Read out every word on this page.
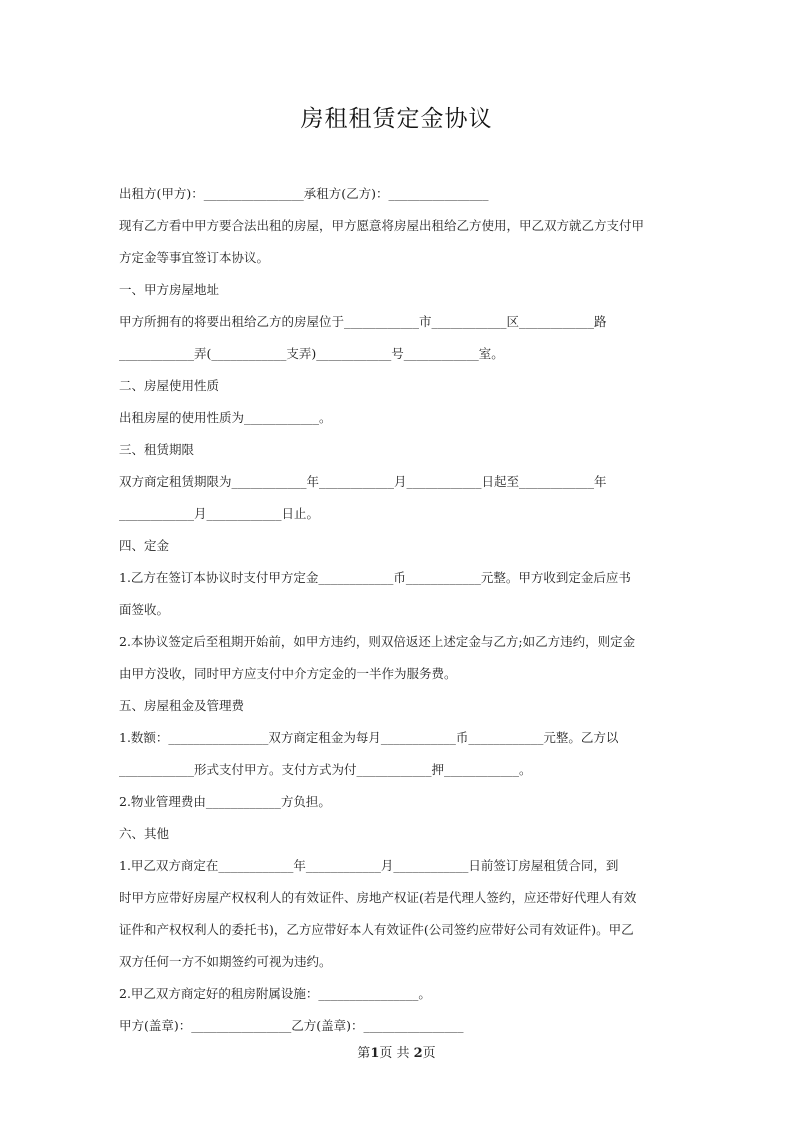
房租租赁定金协议
出租方(甲方)：________________承租方(乙方)：________________
现有乙方看中甲方要合法出租的房屋，甲方愿意将房屋出租给乙方使用，甲乙双方就乙方支付甲
方定金等事宜签订本协议。
一、甲方房屋地址
甲方所拥有的将要出租给乙方的房屋位于____________市____________区____________路
____________弄(____________支弄)____________号____________室。
二、房屋使用性质
出租房屋的使用性质为____________。
三、租赁期限
双方商定租赁期限为____________年____________月____________日起至____________年
____________月____________日止。
四、定金
1.乙方在签订本协议时支付甲方定金____________币____________元整。甲方收到定金后应书
面签收。
2.本协议签定后至租期开始前，如甲方违约，则双倍返还上述定金与乙方;如乙方违约，则定金
由甲方没收，同时甲方应支付中介方定金的一半作为服务费。
五、房屋租金及管理费
1.数额：________________双方商定租金为每月____________币____________元整。乙方以
____________形式支付甲方。支付方式为付____________押____________。
2.物业管理费由____________方负担。
六、其他
1.甲乙双方商定在____________年____________月____________日前签订房屋租赁合同，到
时甲方应带好房屋产权权利人的有效证件、房地产权证(若是代理人签约，应还带好代理人有效
证件和产权权利人的委托书)，乙方应带好本人有效证件(公司签约应带好公司有效证件)。甲乙
双方任何一方不如期签约可视为违约。
2.甲乙双方商定好的租房附属设施：________________。
甲方(盖章)：________________乙方(盖章)：________________
第1页 共 2页
